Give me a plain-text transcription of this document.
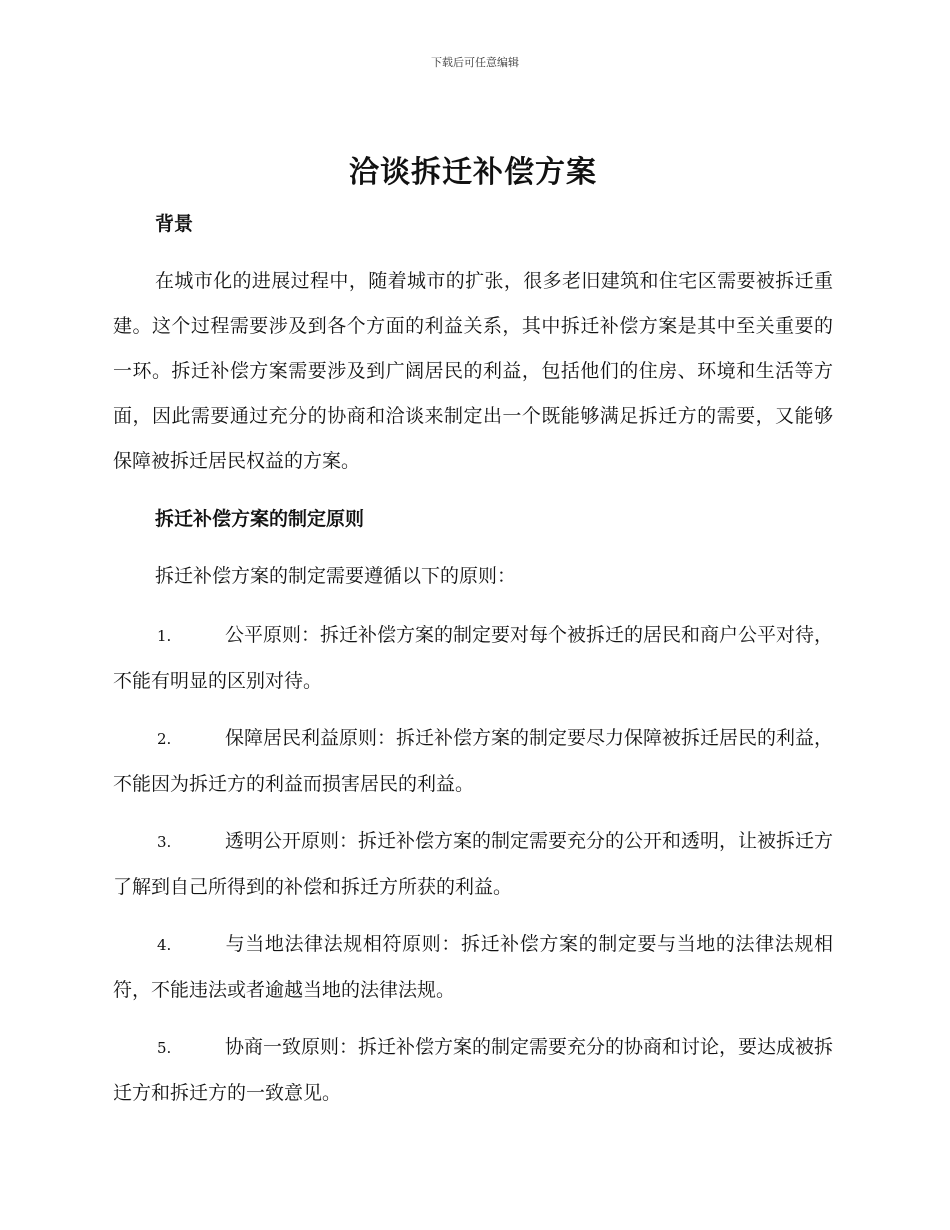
下载后可任意编辑
洽谈拆迁补偿方案
背景

在城市化的进展过程中，随着城市的扩张，很多老旧建筑和住宅区需要被拆迁重建。这个过程需要涉及到各个方面的利益关系，其中拆迁补偿方案是其中至关重要的一环。拆迁补偿方案需要涉及到广阔居民的利益，包括他们的住房、环境和生活等方面，因此需要通过充分的协商和洽谈来制定出一个既能够满足拆迁方的需要，又能够保障被拆迁居民权益的方案。

拆迁补偿方案的制定原则

拆迁补偿方案的制定需要遵循以下的原则：

1.	公平原则：拆迁补偿方案的制定要对每个被拆迁的居民和商户公平对待，不能有明显的区别对待。
2.	保障居民利益原则：拆迁补偿方案的制定要尽力保障被拆迁居民的利益，不能因为拆迁方的利益而损害居民的利益。
3.	透明公开原则：拆迁补偿方案的制定需要充分的公开和透明，让被拆迁方了解到自己所得到的补偿和拆迁方所获的利益。
4.	与当地法律法规相符原则：拆迁补偿方案的制定要与当地的法律法规相符，不能违法或者逾越当地的法律法规。
5.	协商一致原则：拆迁补偿方案的制定需要充分的协商和讨论，要达成被拆迁方和拆迁方的一致意见。
